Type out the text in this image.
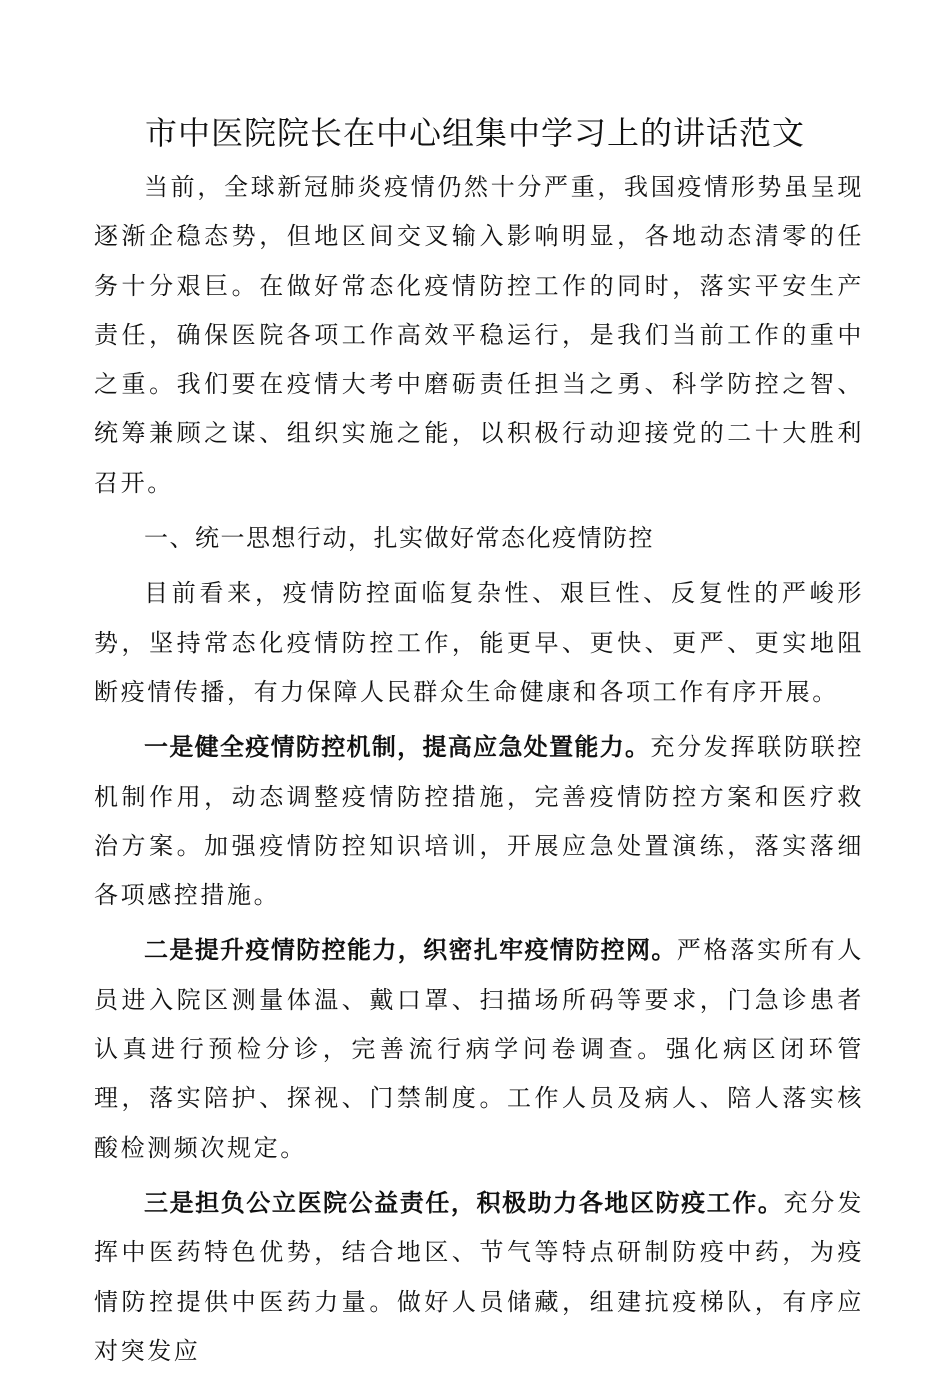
市中医院院长在中心组集中学习上的讲话范文

当前，全球新冠肺炎疫情仍然十分严重，我国疫情形势虽呈现逐渐企稳态势，但地区间交叉输入影响明显，各地动态清零的任务十分艰巨。在做好常态化疫情防控工作的同时，落实平安生产责任，确保医院各项工作高效平稳运行，是我们当前工作的重中之重。我们要在疫情大考中磨砺责任担当之勇、科学防控之智、统筹兼顾之谋、组织实施之能，以积极行动迎接党的二十大胜利召开。

一、统一思想行动，扎实做好常态化疫情防控

目前看来，疫情防控面临复杂性、艰巨性、反复性的严峻形势，坚持常态化疫情防控工作，能更早、更快、更严、更实地阻断疫情传播，有力保障人民群众生命健康和各项工作有序开展。

一是健全疫情防控机制，提高应急处置能力。充分发挥联防联控机制作用，动态调整疫情防控措施，完善疫情防控方案和医疗救治方案。加强疫情防控知识培训，开展应急处置演练，落实落细各项感控措施。

二是提升疫情防控能力，织密扎牢疫情防控网。严格落实所有人员进入院区测量体温、戴口罩、扫描场所码等要求，门急诊患者认真进行预检分诊，完善流行病学问卷调查。强化病区闭环管理，落实陪护、探视、门禁制度。工作人员及病人、陪人落实核酸检测频次规定。

三是担负公立医院公益责任，积极助力各地区防疫工作。充分发挥中医药特色优势，结合地区、节气等特点研制防疫中药，为疫情防控提供中医药力量。做好人员储藏，组建抗疫梯队，有序应对突发应
